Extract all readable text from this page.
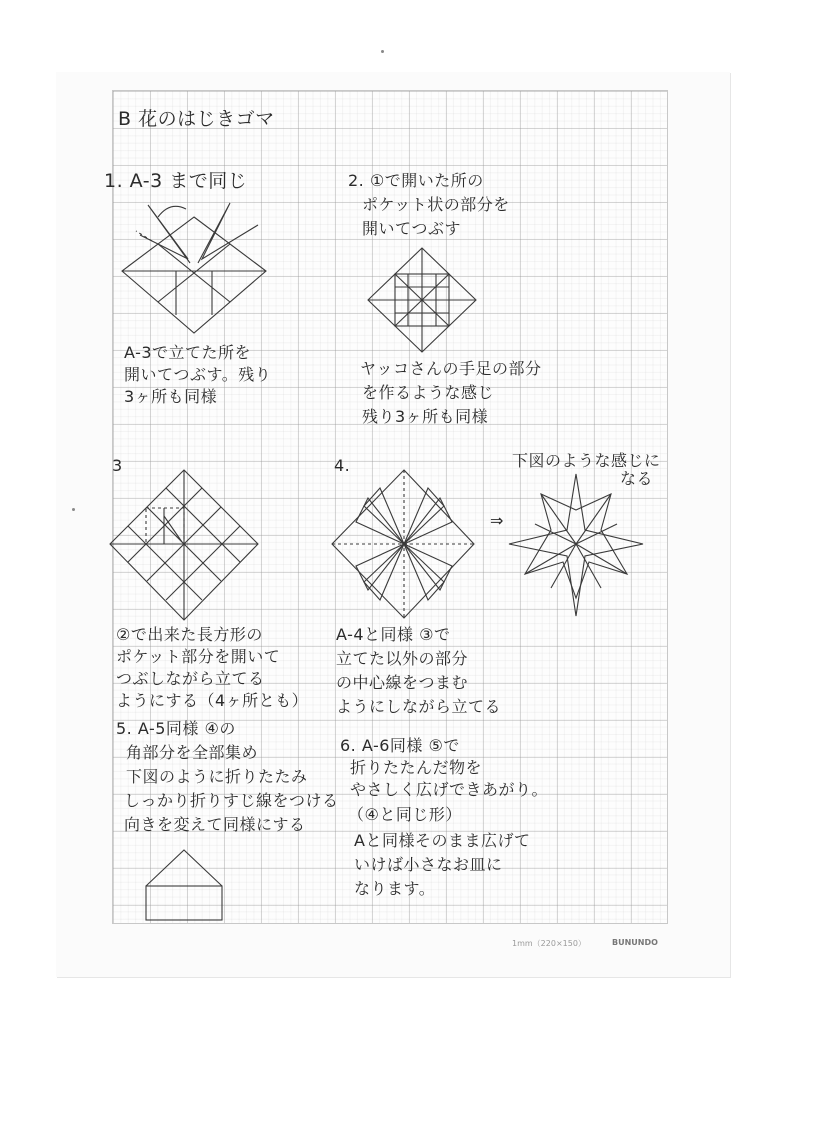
B 花のはじきゴマ
1. A-3 まで同じ
A-3で立てた所を
開いてつぶす。残り
3ヶ所も同様
2. ①で開いた所の
ポケット状の部分を
開いてつぶす
ヤッコさんの手足の部分
を作るような感じ
残り3ヶ所も同様
3
②で出来た長方形の
ポケット部分を開いて
つぶしながら立てる
ようにする（4ヶ所とも）
4.
⇒
下図のような感じに
なる
A-4と同様 ③で
立てた以外の部分
の中心線をつまむ
ようにしながら立てる
5. A-5同様 ④の
角部分を全部集め
下図のように折りたたみ
しっかり折りすじ線をつける
向きを変えて同様にする
6. A-6同様 ⑤で
折りたたんだ物を
やさしく広げできあがり。
（④と同じ形）
Aと同様そのまま広げて
いけば小さなお皿に
なります。
1mm（220×150）	BUNUNDO
